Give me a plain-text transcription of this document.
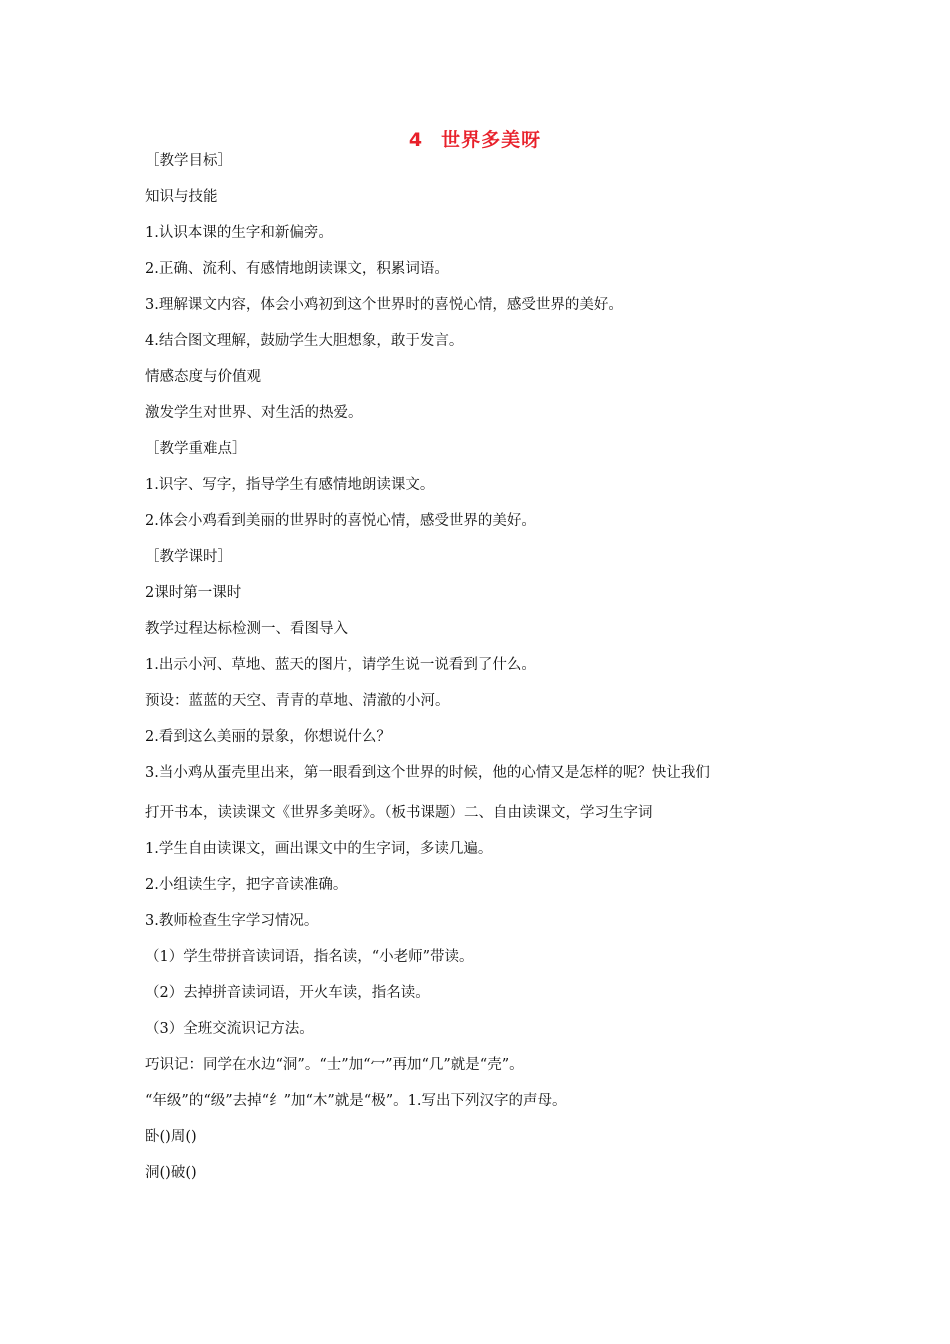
4 世界多美呀
［教学目标］
知识与技能
1.认识本课的生字和新偏旁。
2.正确、流利、有感情地朗读课文，积累词语。
3.理解课文内容，体会小鸡初到这个世界时的喜悦心情，感受世界的美好。
4.结合图文理解，鼓励学生大胆想象，敢于发言。
情感态度与价值观
激发学生对世界、对生活的热爱。
［教学重难点］
1.识字、写字，指导学生有感情地朗读课文。
2.体会小鸡看到美丽的世界时的喜悦心情，感受世界的美好。
［教学课时］
2课时第一课时
教学过程达标检测一、看图导入
1.出示小河、草地、蓝天的图片，请学生说一说看到了什么。
预设：蓝蓝的天空、青青的草地、清澈的小河。
2.看到这么美丽的景象，你想说什么？
3.当小鸡从蛋壳里出来，第一眼看到这个世界的时候，他的心情又是怎样的呢？快让我们
打开书本，读读课文《世界多美呀》。（板书课题）二、自由读课文，学习生字词
1.学生自由读课文，画出课文中的生字词，多读几遍。
2.小组读生字，把字音读准确。
3.教师检查生字学习情况。
（1）学生带拼音读词语，指名读，“小老师”带读。
（2）去掉拼音读词语，开火车读，指名读。
（3）全班交流识记方法。
巧识记：同学在水边“洞”。“士”加“冖”再加“几”就是“壳”。
“年级”的“级”去掉“纟”加“木”就是“极”。1.写出下列汉字的声母。
卧()周()
洞()破()
